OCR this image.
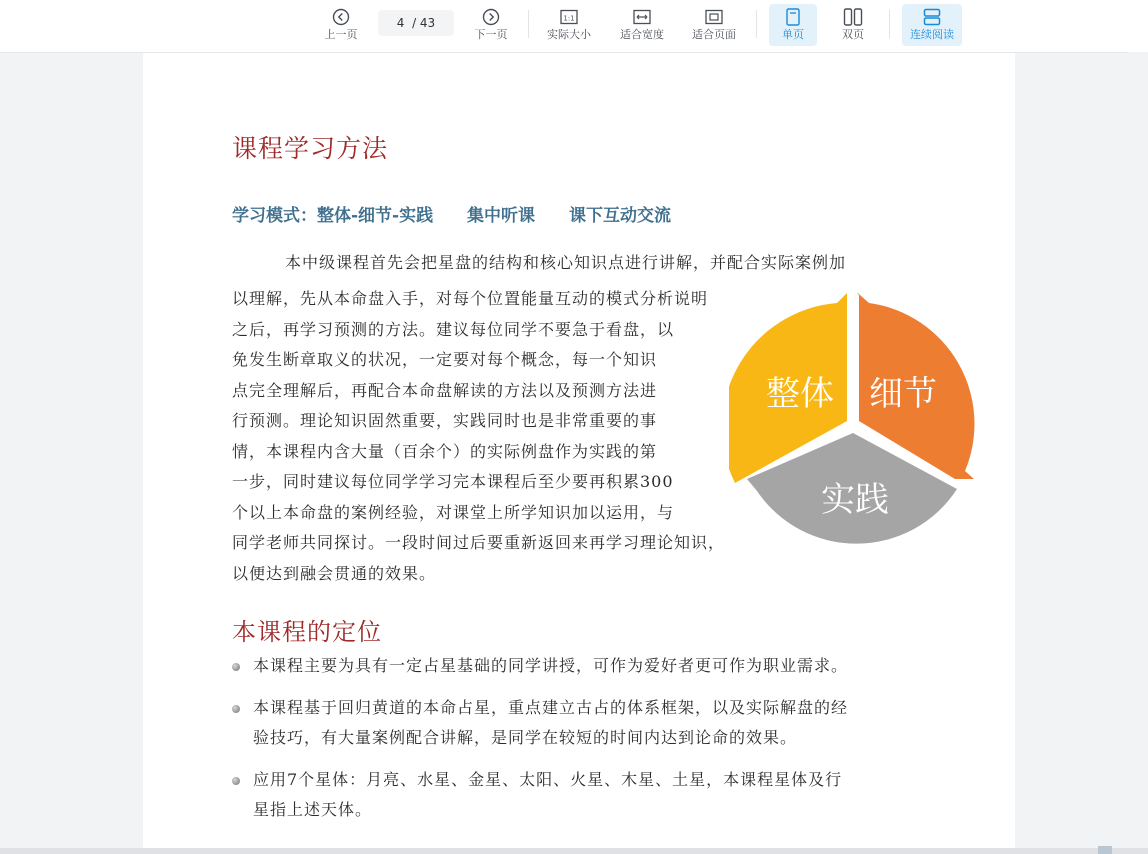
上一页
4
/ 43
下一页
1:1
实际大小	适合宽度	适合页面	单页	双页	连续阅读
课程学习方法
学习模式：整体-细节-实践 集中听课 课下互动交流
本中级课程首先会把星盘的结构和核心知识点进行讲解，并配合实际案例加
以理解，先从本命盘入手，对每个位置能量互动的模式分析说明
之后，再学习预测的方法。建议每位同学不要急于看盘，以
免发生断章取义的状况，一定要对每个概念，每一个知识
点完全理解后，再配合本命盘解读的方法以及预测方法进
行预测。理论知识固然重要，实践同时也是非常重要的事
情，本课程内含大量（百余个）的实际例盘作为实践的第
一步，同时建议每位同学学习完本课程后至少要再积累300
个以上本命盘的案例经验，对课堂上所学知识加以运用，与
同学老师共同探讨。一段时间过后要重新返回来再学习理论知识，
以便达到融会贯通的效果。
整体 细节
实践
本课程的定位
本课程主要为具有一定占星基础的同学讲授，可作为爱好者更可作为职业需求。
本课程基于回归黄道的本命占星，重点建立古占的体系框架，以及实际解盘的经
验技巧，有大量案例配合讲解，是同学在较短的时间内达到论命的效果。
应用7个星体：月亮、水星、金星、太阳、火星、木星、土星，本课程星体及行
星指上述天体。
